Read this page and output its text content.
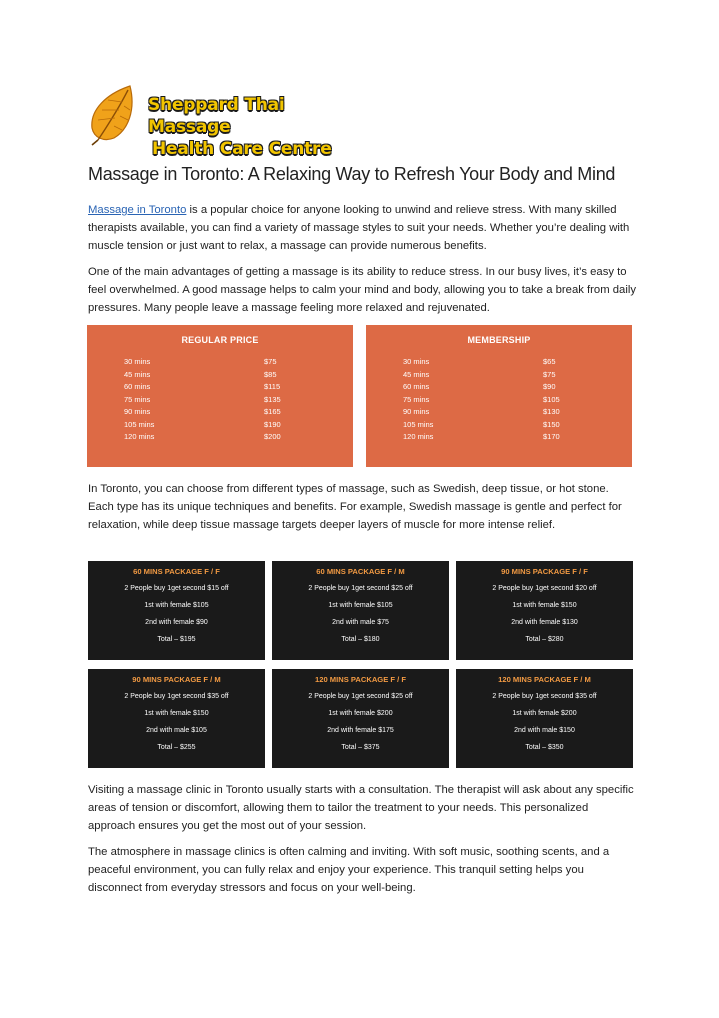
Sheppard Thai Massage
Health Care Centre
Massage in Toronto: A Relaxing Way to Refresh Your Body and Mind

Massage in Toronto is a popular choice for anyone looking to unwind and relieve stress. With many skilled therapists available, you can find a variety of massage styles to suit your needs. Whether you’re dealing with muscle tension or just want to relax, a massage can provide numerous benefits.

One of the main advantages of getting a massage is its ability to reduce stress. In our busy lives, it’s easy to feel overwhelmed. A good massage helps to calm your mind and body, allowing you to take a break from daily pressures. Many people leave a massage feeling more relaxed and rejuvenated.

REGULAR PRICE
30 mins	$75
45 mins	$85
60 mins	$115
75 mins	$135
90 mins	$165
105 mins	$190
120 mins	$200
MEMBERSHIP
30 mins	$65
45 mins	$75
60 mins	$90
75 mins	$105
90 mins	$130
105 mins	$150
120 mins	$170

In Toronto, you can choose from different types of massage, such as Swedish, deep tissue, or hot stone. Each type has its unique techniques and benefits. For example, Swedish massage is gentle and perfect for relaxation, while deep tissue massage targets deeper layers of muscle for more intense relief.

60 MINS PACKAGE F / F
2 People buy 1get second $15 off
1st with female $105
2nd with female $90
Total – $195
60 MINS PACKAGE F / M
2 People buy 1get second $25 off
1st with female $105
2nd with male $75
Total – $180
90 MINS PACKAGE F / F
2 People buy 1get second $20 off
1st with female $150
2nd with female $130
Total – $280
90 MINS PACKAGE F / M
2 People buy 1get second $35 off
1st with female $150
2nd with male $105
Total – $255
120 MINS PACKAGE F / F
2 People buy 1get second $25 off
1st with female $200
2nd with female $175
Total – $375
120 MINS PACKAGE F / M
2 People buy 1get second $35 off
1st with female $200
2nd with male $150
Total – $350

Visiting a massage clinic in Toronto usually starts with a consultation. The therapist will ask about any specific areas of tension or discomfort, allowing them to tailor the treatment to your needs. This personalized approach ensures you get the most out of your session.

The atmosphere in massage clinics is often calming and inviting. With soft music, soothing scents, and a peaceful environment, you can fully relax and enjoy your experience. This tranquil setting helps you disconnect from everyday stressors and focus on your well-being.
